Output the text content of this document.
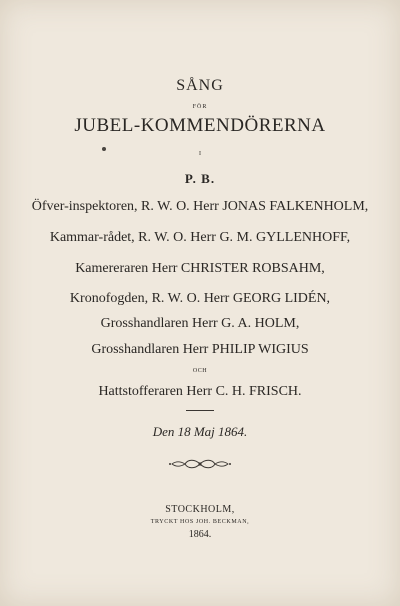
SÅNG
FÖR
JUBEL-KOMMENDÖRERNA
I
P. B.
Öfver-inspektoren, R. W. O. Herr JONAS FALKENHOLM,
Kammar-rådet, R. W. O. Herr G. M. GYLLENHOFF,
Kamereraren Herr CHRISTER ROBSAHM,
Kronofogden, R. W. O. Herr GEORG LIDÉN,
Grosshandlaren Herr G. A. HOLM,
Grosshandlaren Herr PHILIP WIGIUS
OCH
Hattstofferaren Herr C. H. FRISCH.
Den 18 Maj 1864.
STOCKHOLM,
TRYCKT HOS JOH. BECKMAN,
1864.
